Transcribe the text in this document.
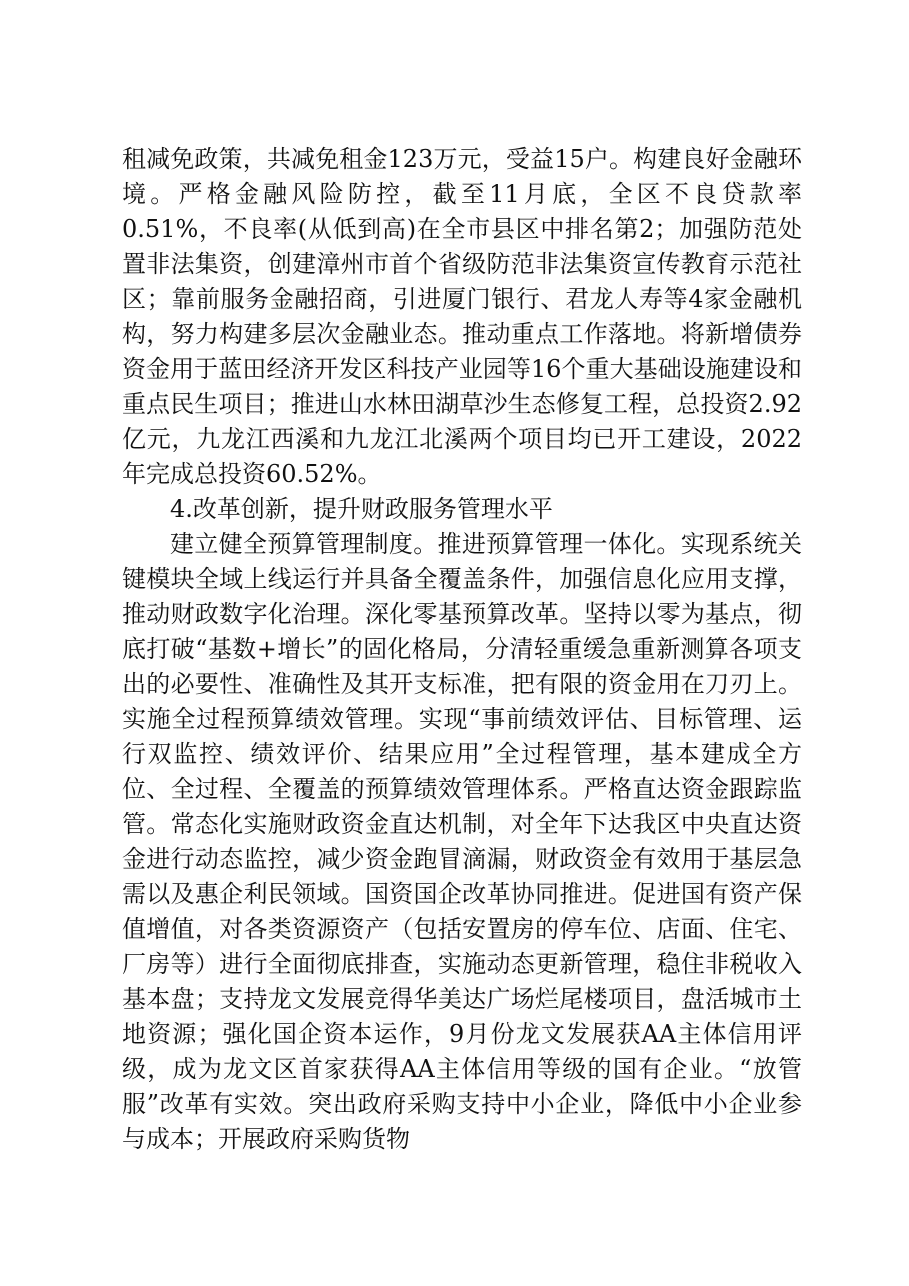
租减免政策，共减免租金123万元，受益15户。构建良好金融环境。严格金融风险防控，截至11月底，全区不良贷款率0.51%，不良率(从低到高)在全市县区中排名第2；加强防范处置非法集资，创建漳州市首个省级防范非法集资宣传教育示范社区；靠前服务金融招商，引进厦门银行、君龙人寿等4家金融机构，努力构建多层次金融业态。推动重点工作落地。将新增债券资金用于蓝田经济开发区科技产业园等16个重大基础设施建设和重点民生项目；推进山水林田湖草沙生态修复工程，总投资2.92亿元，九龙江西溪和九龙江北溪两个项目均已开工建设，2022年完成总投资60.52%。

4.改革创新，提升财政服务管理水平

建立健全预算管理制度。推进预算管理一体化。实现系统关键模块全域上线运行并具备全覆盖条件，加强信息化应用支撑，推动财政数字化治理。深化零基预算改革。坚持以零为基点，彻底打破“基数+增长”的固化格局，分清轻重缓急重新测算各项支出的必要性、准确性及其开支标准，把有限的资金用在刀刃上。实施全过程预算绩效管理。实现“事前绩效评估、目标管理、运行双监控、绩效评价、结果应用”全过程管理，基本建成全方位、全过程、全覆盖的预算绩效管理体系。严格直达资金跟踪监管。常态化实施财政资金直达机制，对全年下达我区中央直达资金进行动态监控，减少资金跑冒滴漏，财政资金有效用于基层急需以及惠企利民领域。国资国企改革协同推进。促进国有资产保值增值，对各类资源资产（包括安置房的停车位、店面、住宅、厂房等）进行全面彻底排查，实施动态更新管理，稳住非税收入基本盘；支持龙文发展竞得华美达广场烂尾楼项目，盘活城市土地资源；强化国企资本运作，9月份龙文发展获AA主体信用评级，成为龙文区首家获得AA主体信用等级的国有企业。“放管服”改革有实效。突出政府采购支持中小企业，降低中小企业参与成本；开展政府采购货物
